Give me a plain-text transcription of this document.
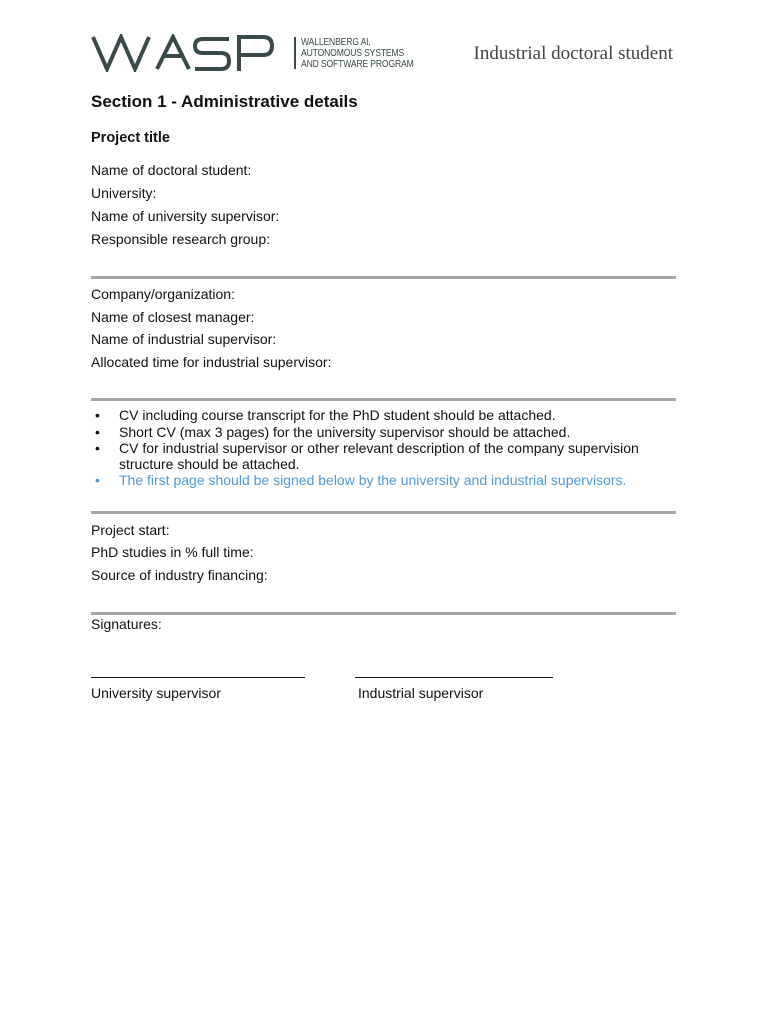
WALLENBERG AI,
AUTONOMOUS SYSTEMS
AND SOFTWARE PROGRAM	Industrial doctoral student
Section 1 - Administrative details
Project title
Name of doctoral student:
University:
Name of university supervisor:
Responsible research group:
Company/organization:
Name of closest manager:
Name of industrial supervisor:
Allocated time for industrial supervisor:
• CV including course transcript for the PhD student should be attached.
• Short CV (max 3 pages) for the university supervisor should be attached.
• CV for industrial supervisor or other relevant description of the company supervision structure should be attached.
• The first page should be signed below by the university and industrial supervisors.
Project start:
PhD studies in % full time:
Source of industry financing:
Signatures:
University supervisor	Industrial supervisor
